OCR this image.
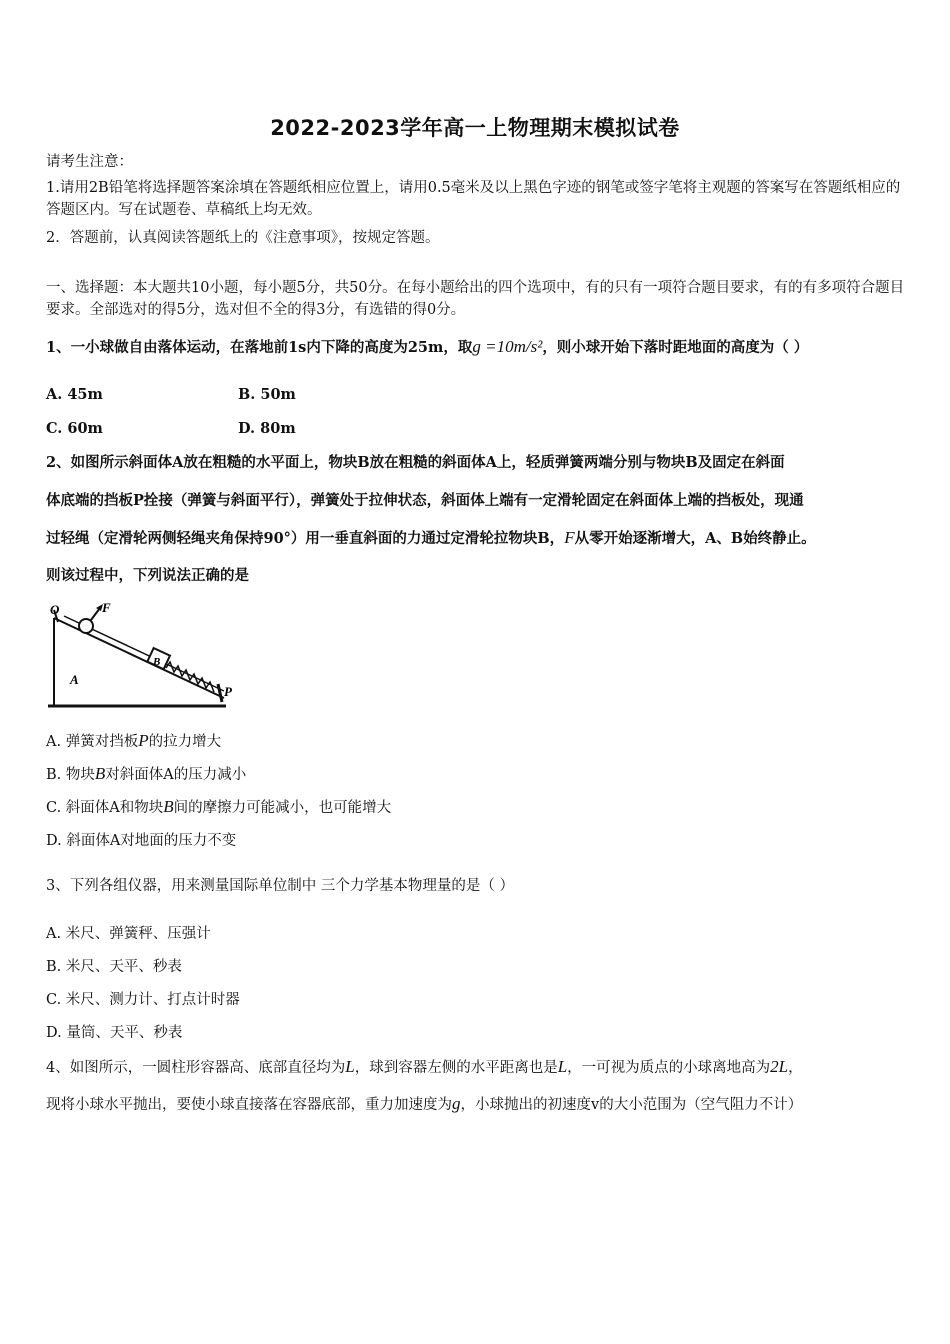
2022-2023学年高一上物理期末模拟试卷
请考生注意：
1.请用2B铅笔将选择题答案涂填在答题纸相应位置上，请用0.5毫米及以上黑色字迹的钢笔或签字笔将主观题的答案写在答题纸相应的答题区内。写在试题卷、草稿纸上均无效。
2．答题前，认真阅读答题纸上的《注意事项》，按规定答题。
一、选择题：本大题共10小题，每小题5分，共50分。在每小题给出的四个选项中，有的只有一项符合题目要求，有的有多项符合题目要求。全部选对的得5分，选对但不全的得3分，有选错的得0分。
1、一小球做自由落体运动，在落地前1s内下降的高度为25m，取g =10m/s²，则小球开始下落时距地面的高度为（ ）
A. 45m	B. 50m
C. 60m	D. 80m
2、如图所示斜面体A放在粗糙的水平面上，物块B放在粗糙的斜面体A上，轻质弹簧两端分别与物块B及固定在斜面
体底端的挡板P拴接（弹簧与斜面平行），弹簧处于拉伸状态，斜面体上端有一定滑轮固定在斜面体上端的挡板处，现通
过轻绳（定滑轮两侧轻绳夹角保持90°）用一垂直斜面的力通过定滑轮拉物块B，F从零开始逐渐增大，A、B始终静止。
则该过程中，下列说法正确的是
O	F
B
A
P
A. 弹簧对挡板P的拉力增大
B. 物块B对斜面体A的压力减小
C. 斜面体A和物块B间的摩擦力可能减小，也可能增大
D. 斜面体A对地面的压力不变
3、下列各组仪器，用来测量国际单位制中 三个力学基本物理量的是（ ）
A. 米尺、弹簧秤、压强计
B. 米尺、天平、秒表
C. 米尺、测力计、打点计时器
D. 量筒、天平、秒表
4、如图所示，一圆柱形容器高、底部直径均为L，球到容器左侧的水平距离也是L，一可视为质点的小球离地高为2L，
现将小球水平抛出，要使小球直接落在容器底部，重力加速度为g，小球抛出的初速度v的大小范围为（空气阻力不计）
